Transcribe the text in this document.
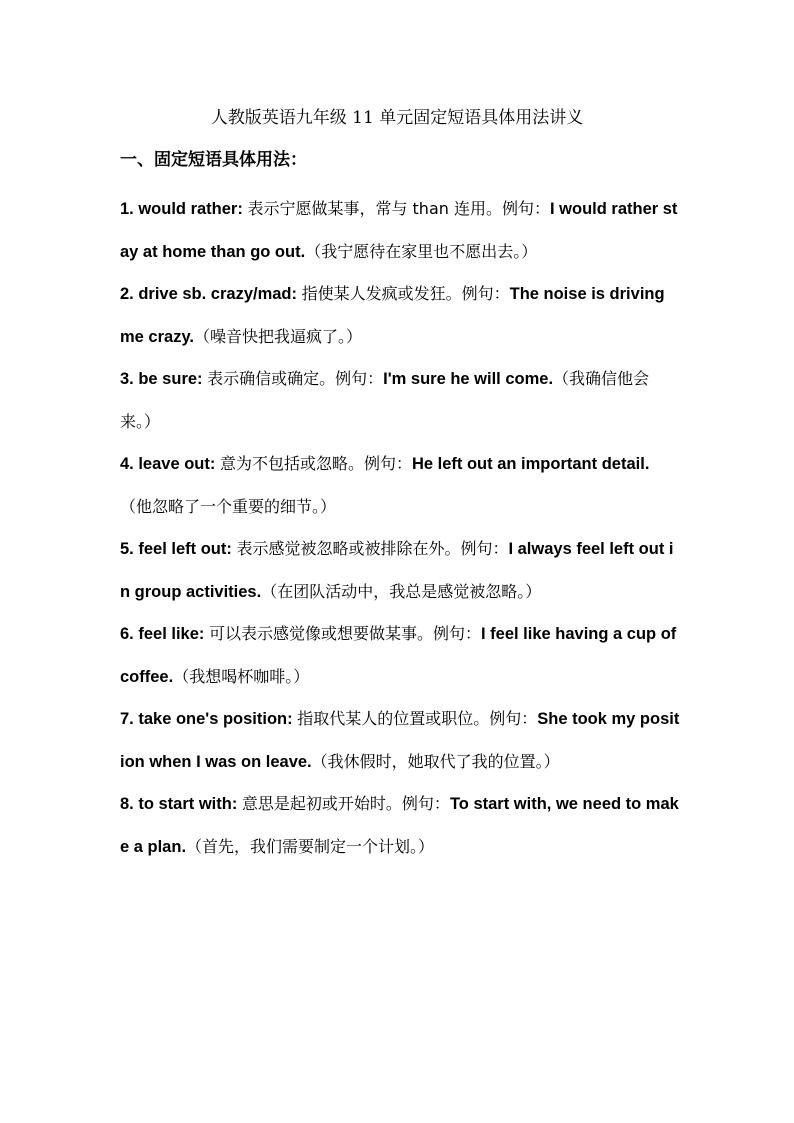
人教版英语九年级 11 单元固定短语具体用法讲义
一、固定短语具体用法：
1. would rather: 表示宁愿做某事，常与 than 连用。例句：I would rather stay at home than go out.（我宁愿待在家里也不愿出去。）
2. drive sb. crazy/mad: 指使某人发疯或发狂。例句：The noise is driving me crazy.（噪音快把我逼疯了。）
3. be sure: 表示确信或确定。例句：I'm sure he will come.（我确信他会来。）
4. leave out: 意为不包括或忽略。例句：He left out an important detail.（他忽略了一个重要的细节。）
5. feel left out: 表示感觉被忽略或被排除在外。例句：I always feel left out in group activities.（在团队活动中，我总是感觉被忽略。）
6. feel like: 可以表示感觉像或想要做某事。例句：I feel like having a cup of coffee.（我想喝杯咖啡。）
7. take one's position: 指取代某人的位置或职位。例句：She took my position when I was on leave.（我休假时，她取代了我的位置。）
8. to start with: 意思是起初或开始时。例句：To start with, we need to make a plan.（首先，我们需要制定一个计划。）
